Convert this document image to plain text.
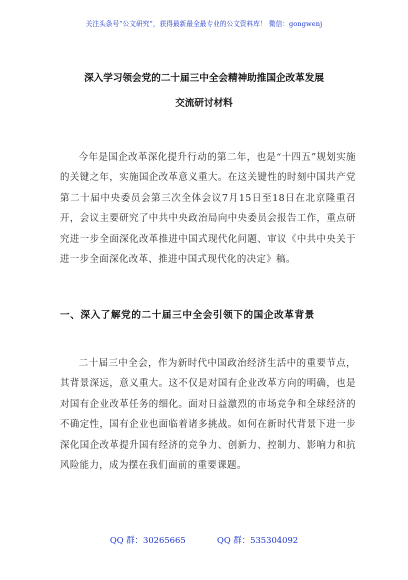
关注头条号“公文研究”，获得最新最全最专业的公文资料库！ 微信：gongwenj
深入学习领会党的二十届三中全会精神助推国企改革发展
交流研讨材料
今年是国企改革深化提升行动的第二年，也是“十四五”规划实施的关键之年，实施国企改革意义重大。在这关键性的时刻中国共产党第二十届中央委员会第三次全体会议7月15日至18日在北京隆重召开，会议主要研究了中共中央政治局向中央委员会报告工作，重点研究进一步全面深化改革推进中国式现代化问题、审议《中共中央关于进一步全面深化改革、推进中国式现代化的决定》稿。
一、深入了解党的二十届三中全会引领下的国企改革背景
二十届三中全会，作为新时代中国政治经济生活中的重要节点，其背景深远，意义重大。这不仅是对国有企业改革方向的明确，也是对国有企业改革任务的细化。面对日益激烈的市场竞争和全球经济的不确定性，国有企业也面临着诸多挑战。如何在新时代背景下进一步深化国企改革提升国有经济的竞争力、创新力、控制力、影响力和抗风险能力，成为摆在我们面前的重要课题。
QQ 群：30265665	QQ 群：535304092
